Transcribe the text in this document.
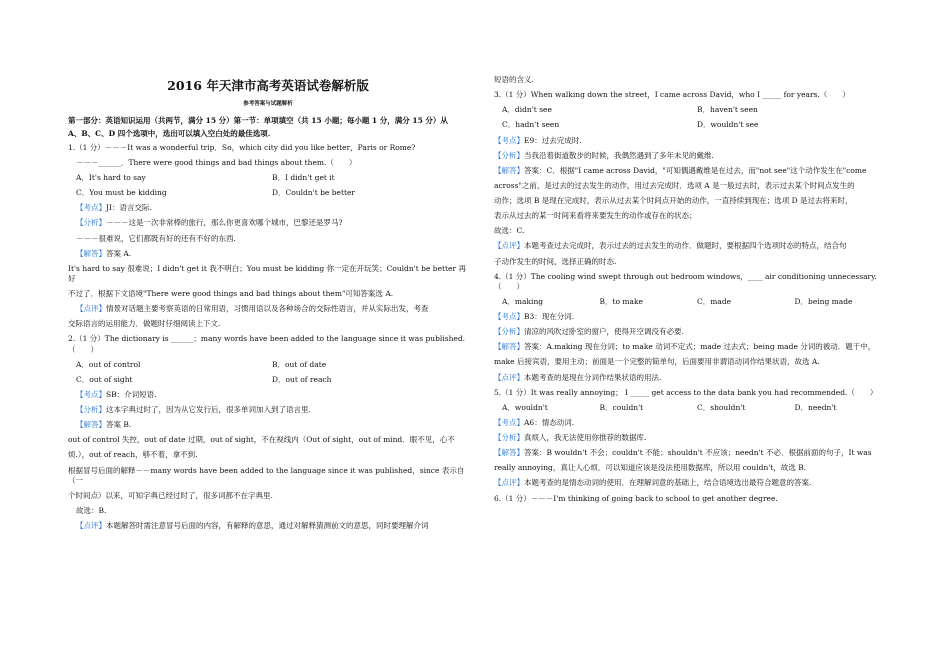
2016 年天津市高考英语试卷解析版
参考答案与试题解析
第一部分：英语知识运用（共两节，满分 15 分）第一节：单项填空（共 15 小题；每小题 1 分，满分 15 分）从
A、B、C、D 四个选项中，选出可以填入空白处的最佳选项.

1.（1 分）－－－It was a wonderful trip．So，which city did you like better，Paris or Rome?

－－－______．There were good things and bad things about them.（　　）

A．It's hard to say	B．I didn't get it
C．You must be kidding	D．Couldn't be better

【考点】JI：语言交际.

【分析】－－－这是一次非常棒的旅行，那么你更喜欢哪个城市，巴黎还是罗马?

－－－很难说，它们都既有好的还有不好的东西.

【解答】答案 A.

It's hard to say 很难说；I didn't get it 我不明白；You must be kidding 你一定在开玩笑；Couldn't be better 再好

不过了．根据下文语境"There were good things and bad things about them"可知答案选 A.

【点评】情景对话题主要考察英语的日常用语，习惯用语以及各种场合的交际性语言，并从实际出发，考查

交际语言的运用能力．做题时仔细阅读上下文.

2.（1 分）The dictionary is ______；many words have been added to the language since it was published.（　　）

A．out of control	B．out of date
C．out of sight	D．out of reach

【考点】SB：介词短语.

【分析】这本字典过时了，因为从它发行后，很多单词加入到了语言里.

【解答】答案 B.

out of control 失控，out of date 过期，out of sight，不在视线内（Out of sight，out of mind．眼不见，心不

烦.），out of reach，够不着，拿不到.

根据冒号后面的解释－－many words have been added to the language since it was published，since 表示自（一

个时间点）以来，可知字典已经过时了，很多词都不在字典里.

故选：B.

【点评】本题解答时需注意冒号后面的内容，有解释的意思，通过对解释猜测前文的意思，同时要理解介词

短语的含义.

3.（1 分）When walking down the street，I came across David，who I _____ for years.（　　）

A．didn't see	B．haven't seen
C．hadn't seen	D．wouldn't see

【考点】E9：过去完成时.

【分析】当我沿着街道散步的时候，我偶然遇到了多年未见的戴维.

【解答】答案：C．根据"I came across David，"可知偶遇戴维是在过去，而"not see"这个动作发生在"come

across"之前，是过去的过去发生的动作，用过去完成时．选项 A 是一般过去时，表示过去某个时间点发生的

动作；选项 B 是现在完成时，表示从过去某个时间点开始的动作，一直持续到现在；选项 D 是过去将来时，

表示从过去的某一时间来看将来要发生的动作或存在的状态；

故选：C.

【点评】本题考查过去完成时，表示过去的过去发生的动作．做题时，要根据四个选项时态的特点，结合句

子动作发生的时间，选择正确的时态.

4.（1 分）The cooling wind swept through out bedroom windows，____ air conditioning unnecessary.（　　）

A．making	B．to make	C．made	D．being made

【考点】B3：现在分词.

【分析】清凉的风吹过卧室的窗户，使得开空调没有必要.

【解答】答案：A.making 现在分词；to make 动词不定式；made 过去式；being made 分词的被动．题干中，

make 后接宾语，要用主动；前面是一个完整的简单句，后面要用非谓语动词作结果状语，故选 A.

【点评】本题考查的是现在分词作结果状语的用法.

5.（1 分）It was really annoying； I _____ get access to the data bank you had recommended.（　　）

A．wouldn't	B．couldn't	C．shouldn't	D．needn't

【考点】A6：情态动词.

【分析】真烦人，我无法使用你推荐的数据库.

【解答】答案：B wouldn't 不会；couldn't 不能；shouldn't 不应该；needn't 不必．根据前面的句子，It was

really annoying，真让人心烦．可以知道应该是没法使用数据库，所以用 couldn't，故选 B.

【点评】本题考查的是情态动词的使用．在理解词意的基础上，结合语境选出最符合题意的答案.

6.（1 分）－－－I'm thinking of going back to school to get another degree.
